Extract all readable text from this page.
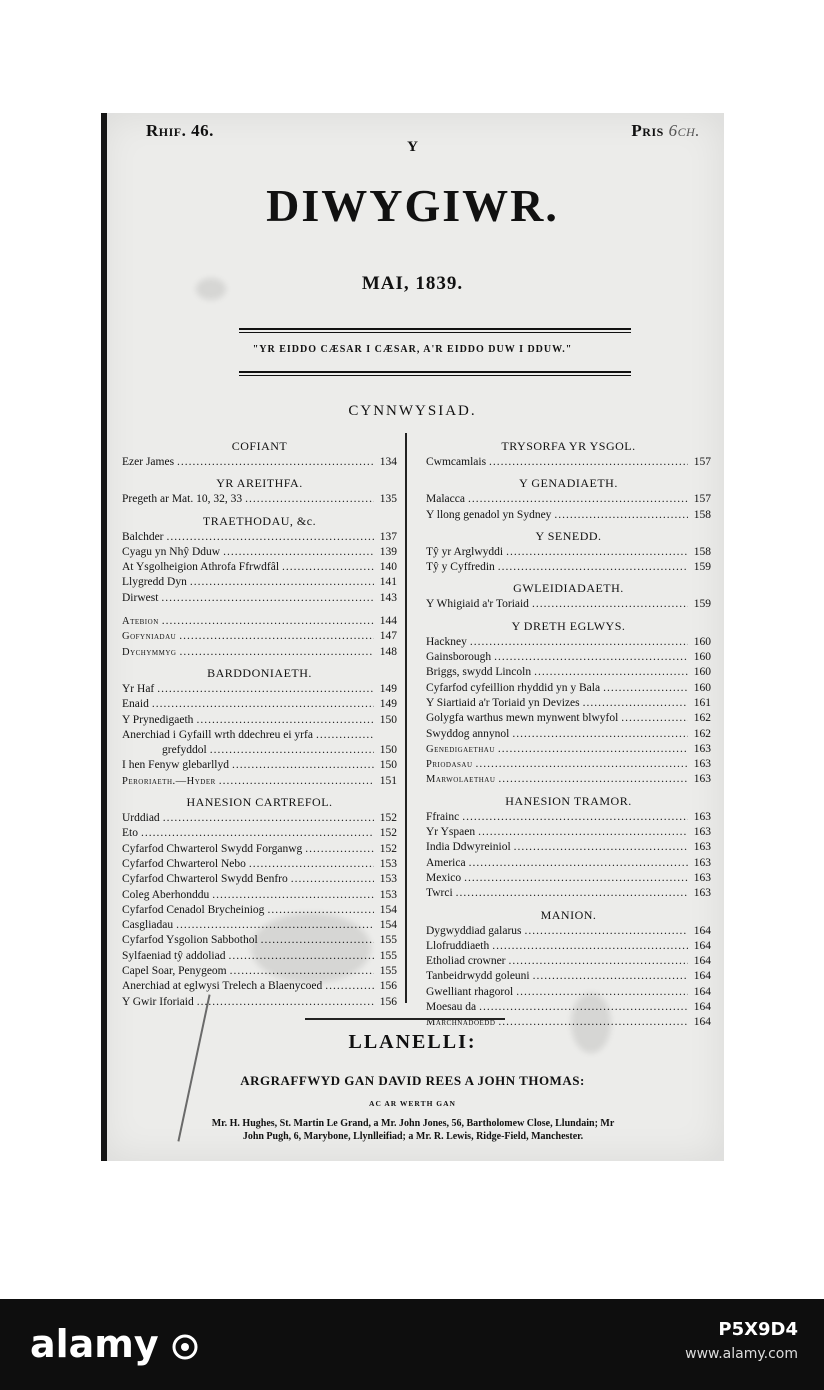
Rhif. 46.	Pris 6ch.
Y
DIWYGIWR.
MAI, 1839.
"YR EIDDO CÆSAR I CÆSAR, A'R EIDDO DUW I DDUW."
CYNNWYSIAD.
COFIANT
Ezer James .....	134
YR AREITHFA.
Pregeth ar Mat. 10, 32, 33 .....	135
TRAETHODAU, &c.
Balchder .....	137
Cyagu yn Nhŷ Dduw .....	139
At Ysgolheigion Athrofa Ffrwdfâl .....	140
Llygredd Dyn .....	141
Dirwest .....	143
Atebion .....	144
Gofyniadau .....	147
Dychymmyg .....	148
BARDDONIAETH.
Yr Haf .....	149
Enaid .....	149
Y Prynedigaeth .....	150
Anerchiad i Gyfaill wrth ddechreu ei yrfa
.....
grefyddol .....	150
I hen Fenyw glebarllyd .....	150
Peroriaeth.—Hyder .....	151
HANESION CARTREFOL.
Urddiad .....	152
Eto .....	152
Cyfarfod Chwarterol Swydd Forganwg .....	152
Cyfarfod Chwarterol Nebo .....	153
Cyfarfod Chwarterol Swydd Benfro .....	153
Coleg Aberhonddu .....	153
Cyfarfod Cenadol Brycheiniog .....	154
Casgliadau .....	154
Cyfarfod Ysgolion Sabbothol .....	155
Sylfaeniad tŷ addoliad .....	155
Capel Soar, Penygeom .....	155
Anerchiad at eglwysi Trelech a Blaenycoed .....	156
Y Gwir Iforiaid .....	156
TRYSORFA YR YSGOL.
Cwmcamlais .....	157
Y GENADIAETH.
Malacca .....	157
Y llong genadol yn Sydney .....	158
Y SENEDD.
Tŷ yr Arglwyddi .....	158
Tŷ y Cyffredin .....	159
GWLEIDIADAETH.
Y Whigiaid a'r Toriaid .....	159
Y DRETH EGLWYS.
Hackney .....	160
Gainsborough .....	160
Briggs, swydd Lincoln .....	160
Cyfarfod cyfeillion rhyddid yn y Bala .....	160
Y Siartiaid a'r Toriaid yn Devizes .....	161
Golygfa warthus mewn mynwent blwyfol .....	162
Swyddog annynol .....	162
Genedigaethau .....	163
Priodasau .....	163
Marwolaethau .....	163
HANESION TRAMOR.
Ffrainc .....	163
Yr Yspaen .....	163
India Ddwyreiniol .....	163
America .....	163
Mexico .....	163
Twrci .....	163
MANION.
Dygwyddiad galarus .....	164
Llofruddiaeth .....	164
Etholiad crowner .....	164
Tanbeidrwydd goleuni .....	164
Gwelliant rhagorol .....	164
Moesau da .....	164
Marchnadoedd .....	164
LLANELLI:
ARGRAFFWYD GAN DAVID REES A JOHN THOMAS:
AC AR WERTH GAN
Mr. H. Hughes, St. Martin Le Grand, a Mr. John Jones, 56, Bartholomew Close, Llundain; Mr
John Pugh, 6, Marybone, Llynlleifiad; a Mr. R. Lewis, Ridge-Field, Manchester.
alamy	P5X9D4
www.alamy.com
